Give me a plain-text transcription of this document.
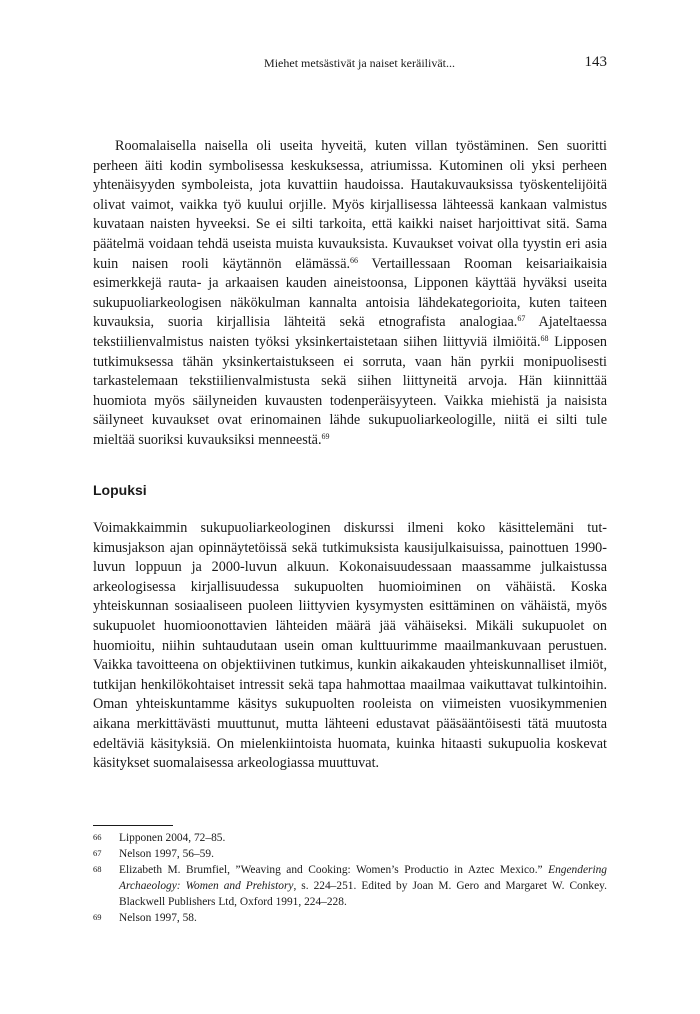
Miehet metsästivät ja naiset keräilivät...	143

Roomalaisella naisella oli useita hyveitä, kuten villan työstäminen. Sen suoritti perheen äiti kodin symbolisessa keskuksessa, atriumissa. Kutominen oli yksi perheen yhtenäisyyden symboleista, jota kuvattiin haudoissa. Hautakuvauksissa työskentelijöitä olivat vaimot, vaikka työ kuului orjille. Myös kirjallisessa lähteessä kankaan valmistus kuvataan naisten hyveeksi. Se ei silti tarkoita, että kaikki naiset harjoittivat sitä. Sama päätelmä voidaan tehdä useista muista kuvauksista. Kuvaukset voivat olla tyystin eri asia kuin naisen rooli käytännön elämässä.$^{66}$ Vertaillessaan Rooman keisariaikaisia esimerkkejä rauta- ja arkaaisen kauden aineistoonsa, Lipponen käyttää hyväksi useita sukupuoliarkeologisen näkökulman kannalta antoisia lähdekategorioita, kuten taiteen kuvauksia, suoria kirjallisia lähteitä sekä etnografista analogiaa.$^{67}$ Ajateltaessa tekstiilienvalmistus naisten työksi yksinkertaistetaan siihen liittyviä ilmiöitä.$^{68}$ Lipposen tutkimuksessa tähän yksinkertaistukseen ei sorruta, vaan hän pyrkii monipuolisesti tarkastelemaan tekstiilienvalmistusta sekä siihen liittyneitä arvoja. Hän kiinnittää huomiota myös säilyneiden kuvausten todenperäisyyteen. Vaikka miehistä ja naisista säilyneet kuvaukset ovat erinomainen lähde sukupuoliarkeologille, niitä ei silti tule mieltää suoriksi kuvauksiksi menneestä.$^{69}$

Lopuksi

Voimakkaimmin sukupuoliarkeologinen diskurssi ilmeni koko käsittelemäni tutkimusjakson ajan opinnäytetöissä sekä tutkimuksista kausijulkaisuissa, painottuen 1990-luvun loppuun ja 2000-luvun alkuun. Kokonaisuudessaan maassamme julkaistussa arkeologisessa kirjallisuudessa sukupuolten huomioiminen on vähäistä. Koska yhteiskunnan sosiaaliseen puoleen liittyvien kysymysten esittäminen on vähäistä, myös sukupuolet huomioonottavien lähteiden määrä jää vähäiseksi. Mikäli sukupuolet on huomioitu, niihin suhtaudutaan usein oman kulttuurimme maailmankuvaan perustuen. Vaikka tavoitteena on objektiivinen tutkimus, kunkin aikakauden yhteiskunnalliset ilmiöt, tutkijan henkilökohtaiset intressit sekä tapa hahmottaa maailmaa vaikuttavat tulkintoihin. Oman yhteiskuntamme käsitys sukupuolten rooleista on viimeisten vuosikymmenien aikana merkittävästi muuttunut, mutta lähteeni edustavat pääsääntöisesti tätä muutosta edeltäviä käsityksiä. On mielenkiintoista huomata, kuinka hitaasti sukupuolia koskevat käsitykset suomalaisessa arkeologiassa muuttuvat.

66 Lipponen 2004, 72–85.
67 Nelson 1997, 56–59.
68 Elizabeth M. Brumfiel, ”Weaving and Cooking: Women’s Productio in Aztec Mexico.” Engendering Archaeology: Women and Prehistory, s. 224–251. Edited by Joan M. Gero and Margaret W. Conkey. Blackwell Publishers Ltd, Oxford 1991, 224–228.
69 Nelson 1997, 58.
